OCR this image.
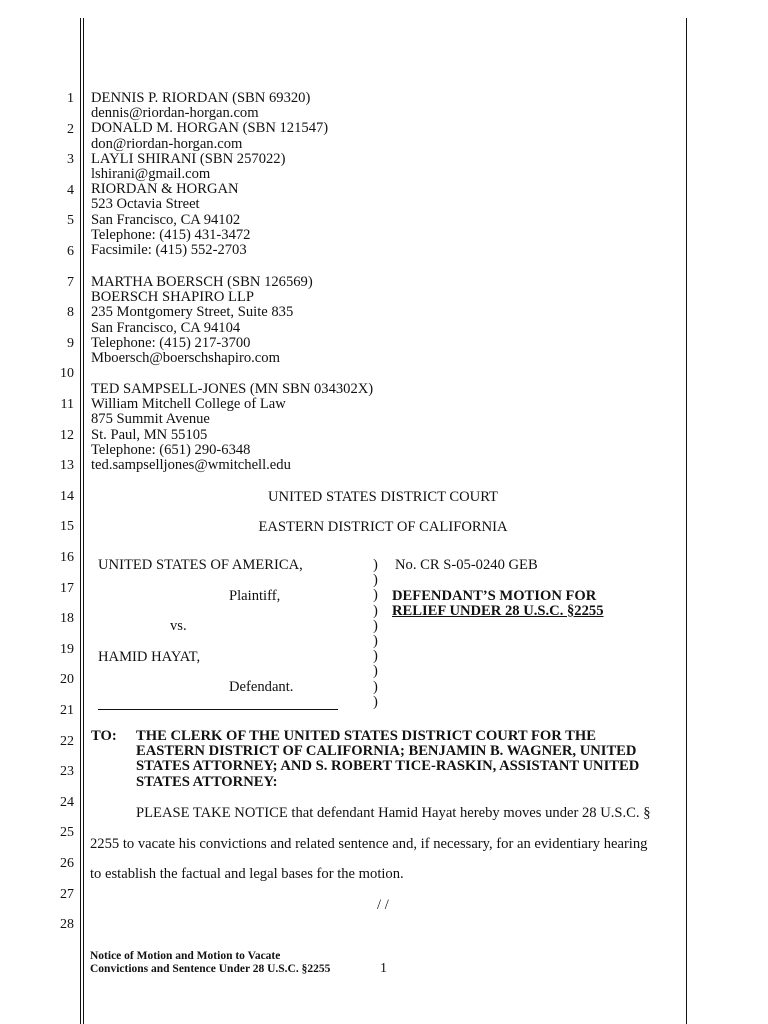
1
2
3
4
5
6
7
8
9
10
11
12
13
14
15
16
17
18
19
20
21
22
23
24
25
26
27
28
DENNIS P. RIORDAN (SBN 69320)
dennis@riordan-horgan.com
DONALD M. HORGAN (SBN 121547)
don@riordan-horgan.com
LAYLI SHIRANI (SBN 257022)
lshirani@gmail.com
RIORDAN & HORGAN
523 Octavia Street
San Francisco, CA 94102
Telephone: (415) 431-3472
Facsimile: (415) 552-2703
MARTHA BOERSCH (SBN 126569)
BOERSCH SHAPIRO LLP
235 Montgomery Street, Suite 835
San Francisco, CA 94104
Telephone: (415) 217-3700
Mboersch@boerschshapiro.com
TED SAMPSELL-JONES (MN SBN 034302X)
William Mitchell College of Law
875 Summit Avenue
St. Paul, MN 55105
Telephone: (651) 290-6348
ted.sampselljones@wmitchell.edu
UNITED STATES DISTRICT COURT
EASTERN DISTRICT OF CALIFORNIA
UNITED STATES OF AMERICA,
Plaintiff,
vs.
HAMID HAYAT,
Defendant.
)
)
)
)
)
)
)
)
)
)
No. CR S-05-0240 GEB
DEFENDANT’S MOTION FOR
RELIEF UNDER 28 U.S.C. §2255
TO: THE CLERK OF THE UNITED STATES DISTRICT COURT FOR THE
EASTERN DISTRICT OF CALIFORNIA; BENJAMIN B. WAGNER, UNITED
STATES ATTORNEY; AND S. ROBERT TICE-RASKIN, ASSISTANT UNITED
STATES ATTORNEY:
PLEASE TAKE NOTICE that defendant Hamid Hayat hereby moves under 28 U.S.C. §
2255 to vacate his convictions and related sentence and, if necessary, for an evidentiary hearing
to establish the factual and legal bases for the motion.
/ /
Notice of Motion and Motion to Vacate
Convictions and Sentence Under 28 U.S.C. §2255	1
